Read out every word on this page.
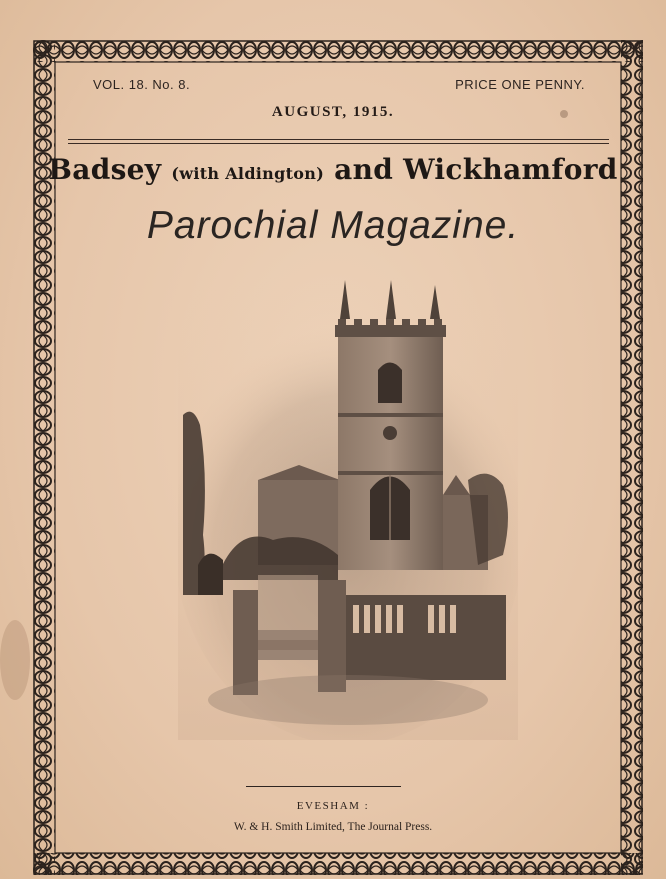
VOL. 18. No. 8.	PRICE ONE PENNY.
AUGUST, 1915.
Badsey (with Aldington) and Wickhamford
Parochial Magazine.
EVESHAM :
W. & H. Smith Limited, The Journal Press.
